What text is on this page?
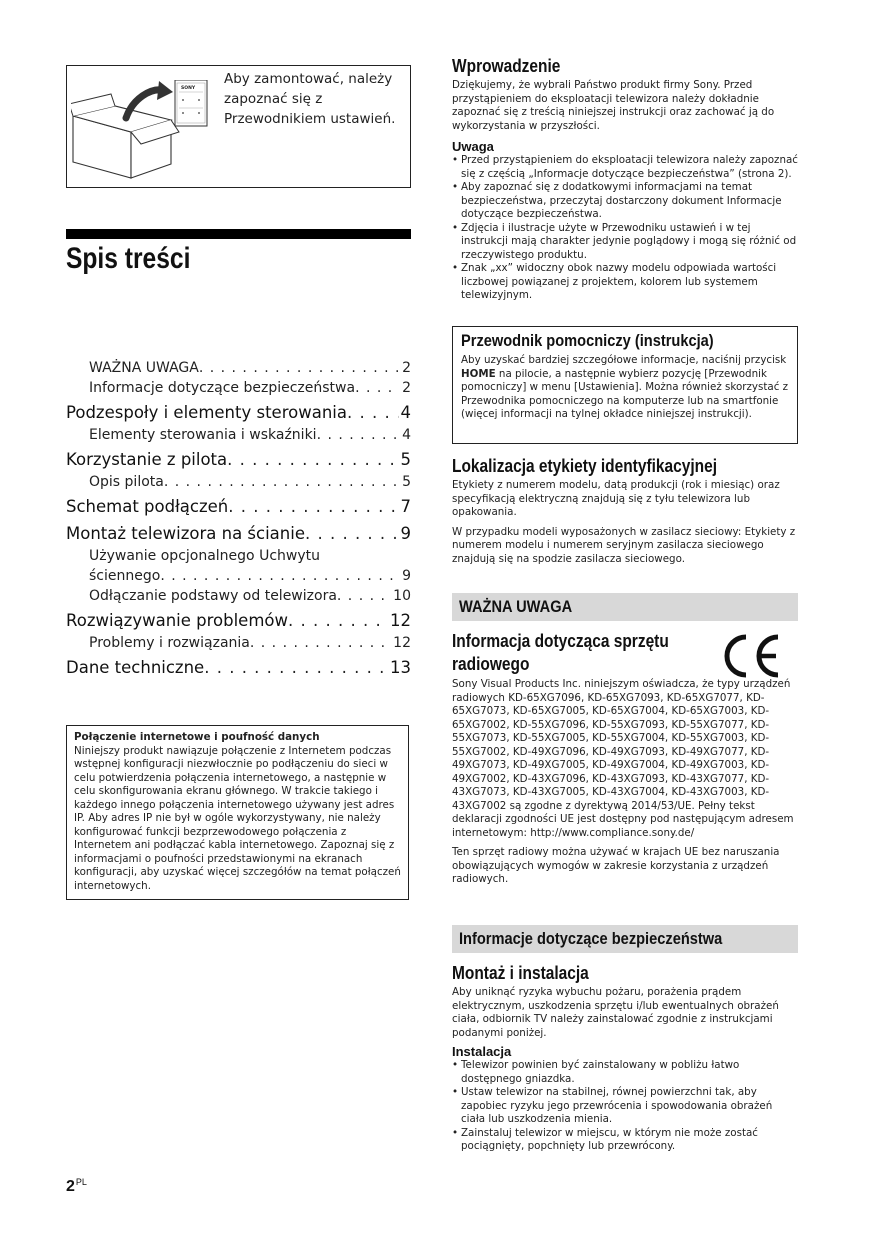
SONY
Aby zamontować, należy zapoznać się z Przewodnikiem ustawień.
Spis treści
WAŻNA UWAGA . . .	2
Informacje dotyczące bezpieczeństwa . . .	2
Podzespoły i elementy sterowania . . .	4
Elementy sterowania i wskaźniki . . .	4
Korzystanie z pilota . . .	5
Opis pilota . . .	5
Schemat podłączeń . . .	7
Montaż telewizora na ścianie . . .	9
Używanie opcjonalnego Uchwytu
ściennego . . .	9
Odłączanie podstawy od telewizora . . .	10
Rozwiązywanie problemów . . .	12
Problemy i rozwiązania . . .	12
Dane techniczne . . .	13
Połączenie internetowe i poufność danych
Niniejszy produkt nawiązuje połączenie z Internetem podczas wstępnej konfiguracji niezwłocznie po podłączeniu do sieci w celu potwierdzenia połączenia internetowego, a następnie w celu skonfigurowania ekranu głównego. W trakcie takiego i każdego innego połączenia internetowego używany jest adres IP. Aby adres IP nie był w ogóle wykorzystywany, nie należy konfigurować funkcji bezprzewodowego połączenia z Internetem ani podłączać kabla internetowego. Zapoznaj się z informacjami o poufności przedstawionymi na ekranach konfiguracji, aby uzyskać więcej szczegółów na temat połączeń internetowych.
Wprowadzenie
Dziękujemy, że wybrali Państwo produkt firmy Sony. Przed przystąpieniem do eksploatacji telewizora należy dokładnie zapoznać się z treścią niniejszej instrukcji oraz zachować ją do wykorzystania w przyszłości.
Uwaga
• Przed przystąpieniem do eksploatacji telewizora należy zapoznać się z częścią „Informacje dotyczące bezpieczeństwa” (strona 2).
• Aby zapoznać się z dodatkowymi informacjami na temat bezpieczeństwa, przeczytaj dostarczony dokument Informacje dotyczące bezpieczeństwa.
• Zdjęcia i ilustracje użyte w Przewodniku ustawień i w tej instrukcji mają charakter jedynie poglądowy i mogą się różnić od rzeczywistego produktu.
• Znak „xx” widoczny obok nazwy modelu odpowiada wartości liczbowej powiązanej z projektem, kolorem lub systemem telewizyjnym.
Przewodnik pomocniczy (instrukcja)
Aby uzyskać bardziej szczegółowe informacje, naciśnij przycisk HOME na pilocie, a następnie wybierz pozycję [Przewodnik pomocniczy] w menu [Ustawienia]. Można również skorzystać z Przewodnika pomocniczego na komputerze lub na smartfonie (więcej informacji na tylnej okładce niniejszej instrukcji).
Lokalizacja etykiety identyfikacyjnej
Etykiety z numerem modelu, datą produkcji (rok i miesiąc) oraz specyfikacją elektryczną znajdują się z tyłu telewizora lub opakowania.
W przypadku modeli wyposażonych w zasilacz sieciowy: Etykiety z numerem modelu i numerem seryjnym zasilacza sieciowego znajdują się na spodzie zasilacza sieciowego.
WAŻNA UWAGA
Informacja dotycząca sprzętu radiowego
Sony Visual Products Inc. niniejszym oświadcza, że typy urządzeń radiowych KD-65XG7096, KD-65XG7093, KD-65XG7077, KD-65XG7073, KD-65XG7005, KD-65XG7004, KD-65XG7003, KD-65XG7002, KD-55XG7096, KD-55XG7093, KD-55XG7077, KD-55XG7073, KD-55XG7005, KD-55XG7004, KD-55XG7003, KD-55XG7002, KD-49XG7096, KD-49XG7093, KD-49XG7077, KD-49XG7073, KD-49XG7005, KD-49XG7004, KD-49XG7003, KD-49XG7002, KD-43XG7096, KD-43XG7093, KD-43XG7077, KD-43XG7073, KD-43XG7005, KD-43XG7004, KD-43XG7003, KD-43XG7002 są zgodne z dyrektywą 2014/53/UE. Pełny tekst deklaracji zgodności UE jest dostępny pod następującym adresem internetowym: http://www.compliance.sony.de/
Ten sprzęt radiowy można używać w krajach UE bez naruszania obowiązujących wymogów w zakresie korzystania z urządzeń radiowych.
Informacje dotyczące bezpieczeństwa
Montaż i instalacja
Aby uniknąć ryzyka wybuchu pożaru, porażenia prądem elektrycznym, uszkodzenia sprzętu i/lub ewentualnych obrażeń ciała, odbiornik TV należy zainstalować zgodnie z instrukcjami podanymi poniżej.
Instalacja
• Telewizor powinien być zainstalowany w pobliżu łatwo dostępnego gniazdka.
• Ustaw telewizor na stabilnej, równej powierzchni tak, aby zapobiec ryzyku jego przewrócenia i spowodowania obrażeń ciała lub uszkodzenia mienia.
• Zainstaluj telewizor w miejscu, w którym nie może zostać pociągnięty, popchnięty lub przewrócony.
$2^{PL}$
